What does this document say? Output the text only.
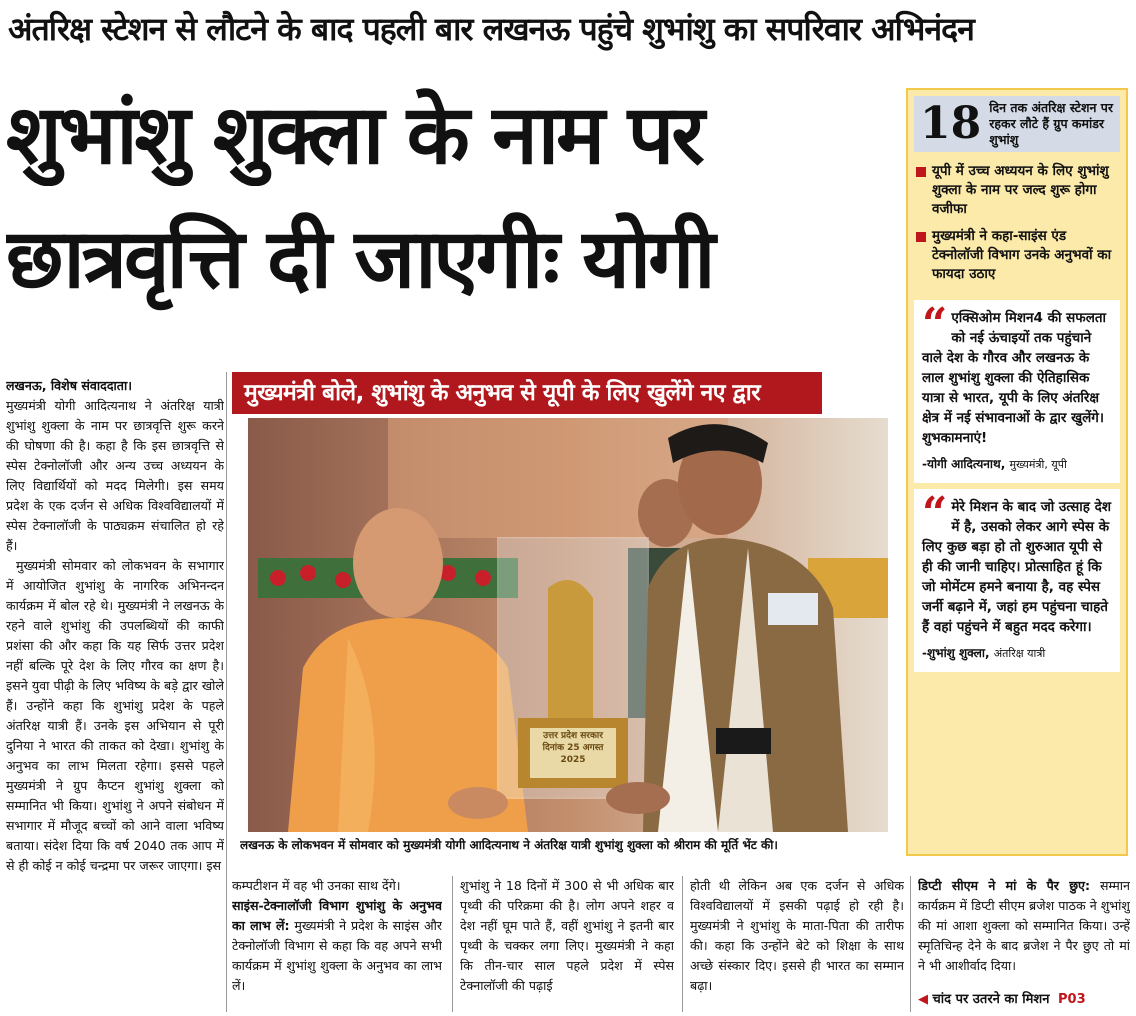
अंतरिक्ष स्टेशन से लौटने के बाद पहली बार लखनऊ पहुंचे शुभांशु का सपरिवार अभिनंदन
शुभांशु शुक्ला के नाम पर
छात्रवृत्ति दी जाएगीः योगी
18 दिन तक अंतरिक्ष स्टेशन पर रहकर लौटे हैं ग्रुप कमांडर शुभांशु
यूपी में उच्च अध्ययन के लिए शुभांशु शुक्ला के नाम पर जल्द शुरू होगा वजीफा
मुख्यमंत्री ने कहा-साइंस एंड टेक्नोलॉजी विभाग उनके अनुभवों का फायदा उठाए
“ एक्सिओम मिशन4 की सफलता को नई ऊंचाइयों तक पहुंचाने वाले देश के गौरव और लखनऊ के लाल शुभांशु शुक्ला की ऐतिहासिक यात्रा से भारत, यूपी के लिए अंतरिक्ष क्षेत्र में नई संभावनाओं के द्वार खुलेंगे। शुभकामनाएं!
-योगी आदित्यनाथ, मुख्यमंत्री, यूपी
“ मेरे मिशन के बाद जो उत्साह देश में है, उसको लेकर आगे स्पेस के लिए कुछ बड़ा हो तो शुरुआत यूपी से ही की जानी चाहिए। प्रोत्साहित हूं कि जो मोमेंटम हमने बनाया है, वह स्पेस जर्नी बढ़ाने में, जहां हम पहुंचना चाहते हैं वहां पहुंचने में बहुत मदद करेगा।
-शुभांशु शुक्ला, अंतरिक्ष यात्री
मुख्यमंत्री बोले, शुभांशु के अनुभव से यूपी के लिए खुलेंगे नए द्वार
उत्तर प्रदेश सरकार
दिनांक 25 अगस्त 2025
लखनऊ के लोकभवन में सोमवार को मुख्यमंत्री योगी आदित्यनाथ ने अंतरिक्ष यात्री शुभांशु शुक्ला को श्रीराम की मूर्ति भेंट की।

लखनऊ, विशेष संवाददाता।

मुख्यमंत्री योगी आदित्यनाथ ने अंतरिक्ष यात्री शुभांशु शुक्ला के नाम पर छात्रवृत्ति शुरू करने की घोषणा की है। कहा है कि इस छात्रवृत्ति से स्पेस टेक्नोलॉजी और अन्य उच्च अध्ययन के लिए विद्यार्थियों को मदद मिलेगी। इस समय प्रदेश के एक दर्जन से अधिक विश्वविद्यालयों में स्पेस टेक्नालॉजी के पाठ्यक्रम संचालित हो रहे हैं।

मुख्यमंत्री सोमवार को लोकभवन के सभागार में आयोजित शुभांशु के नागरिक अभिनन्दन कार्यक्रम में बोल रहे थे। मुख्यमंत्री ने लखनऊ के रहने वाले शुभांशु की उपलब्धियों की काफी प्रशंसा की और कहा कि यह सिर्फ उत्तर प्रदेश नहीं बल्कि पूरे देश के लिए गौरव का क्षण है। इसने युवा पीढ़ी के लिए भविष्य के बड़े द्वार खोले हैं। उन्होंने कहा कि शुभांशु प्रदेश के पहले अंतरिक्ष यात्री हैं। उनके इस अभियान से पूरी दुनिया ने भारत की ताकत को देखा। शुभांशु के अनुभव का लाभ मिलता रहेगा। इससे पहले मुख्यमंत्री ने ग्रुप कैप्टन शुभांशु शुक्ला को सम्मानित भी किया। शुभांशु ने अपने संबोधन में सभागार में मौजूद बच्चों को आने वाला भविष्य बताया। संदेश दिया कि वर्ष 2040 तक आप में से ही कोई न कोई चन्द्रमा पर जरूर जाएगा। इस

कम्पटीशन में वह भी उनका साथ देंगे।

साइंस-टेक्नालॉजी विभाग शुभांशु के अनुभव का लाभ लें: मुख्यमंत्री ने प्रदेश के साइंस और टेक्नोलॉजी विभाग से कहा कि वह अपने सभी कार्यक्रम में शुभांशु शुक्ला के अनुभव का लाभ लें।

शुभांशु ने 18 दिनों में 300 से भी अधिक बार पृथ्वी की परिक्रमा की है। लोग अपने शहर व देश नहीं घूम पाते हैं, वहीं शुभांशु ने इतनी बार पृथ्वी के चक्कर लगा लिए। मुख्यमंत्री ने कहा कि तीन-चार साल पहले प्रदेश में स्पेस टेक्नालॉजी की पढ़ाई

होती थी लेकिन अब एक दर्जन से अधिक विश्वविद्यालयों में इसकी पढ़ाई हो रही है। मुख्यमंत्री ने शुभांशु के माता-पिता की तारीफ की। कहा कि उन्होंने बेटे को शिक्षा के साथ अच्छे संस्कार दिए। इससे ही भारत का सम्मान बढ़ा।

डिप्टी सीएम ने मां के पैर छुए: सम्मान कार्यक्रम में डिप्टी सीएम ब्रजेश पाठक ने शुभांशु की मां आशा शुक्ला को सम्मानित किया। उन्हें स्मृतिचिन्ह देने के बाद ब्रजेश ने पैर छुए तो मां ने भी आशीर्वाद दिया।

◀ चांद पर उतरने का मिशन P03
